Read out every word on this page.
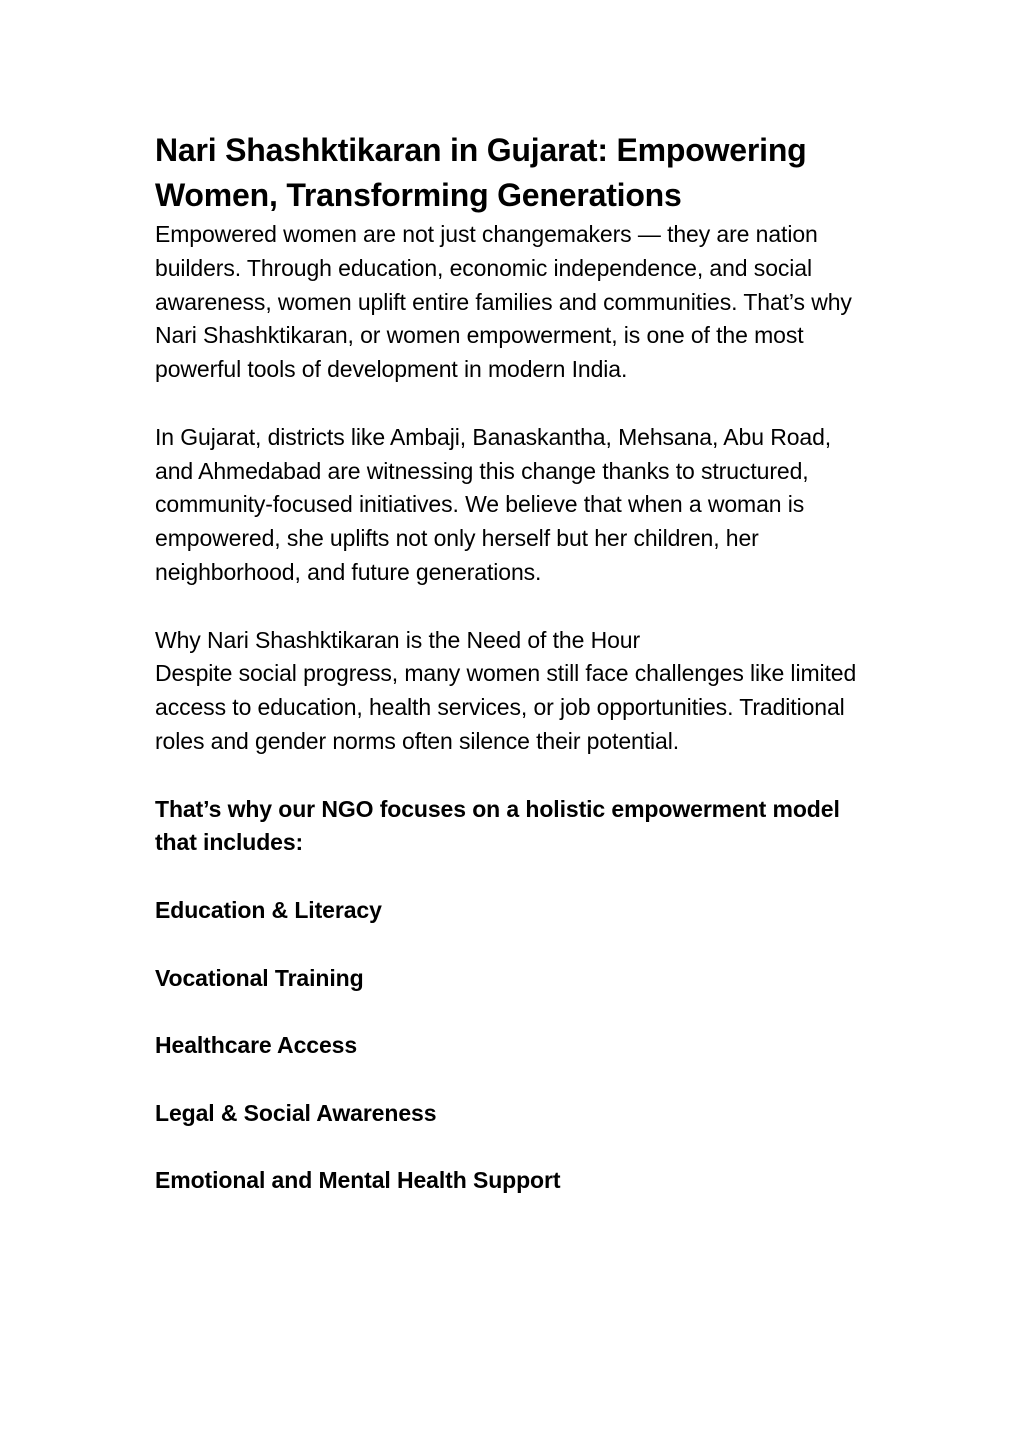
Nari Shashktikaran in Gujarat: Empowering Women, Transforming Generations

Empowered women are not just changemakers — they are nation builders. Through education, economic independence, and social awareness, women uplift entire families and communities. That’s why Nari Shashktikaran, or women empowerment, is one of the most powerful tools of development in modern India.

In Gujarat, districts like Ambaji, Banaskantha, Mehsana, Abu Road, and Ahmedabad are witnessing this change thanks to structured, community-focused initiatives. We believe that when a woman is empowered, she uplifts not only herself but her children, her neighborhood, and future generations.

Why Nari Shashktikaran is the Need of the Hour

Despite social progress, many women still face challenges like limited access to education, health services, or job opportunities. Traditional roles and gender norms often silence their potential.

That’s why our NGO focuses on a holistic empowerment model that includes:

Education & Literacy

Vocational Training

Healthcare Access

Legal & Social Awareness

Emotional and Mental Health Support
